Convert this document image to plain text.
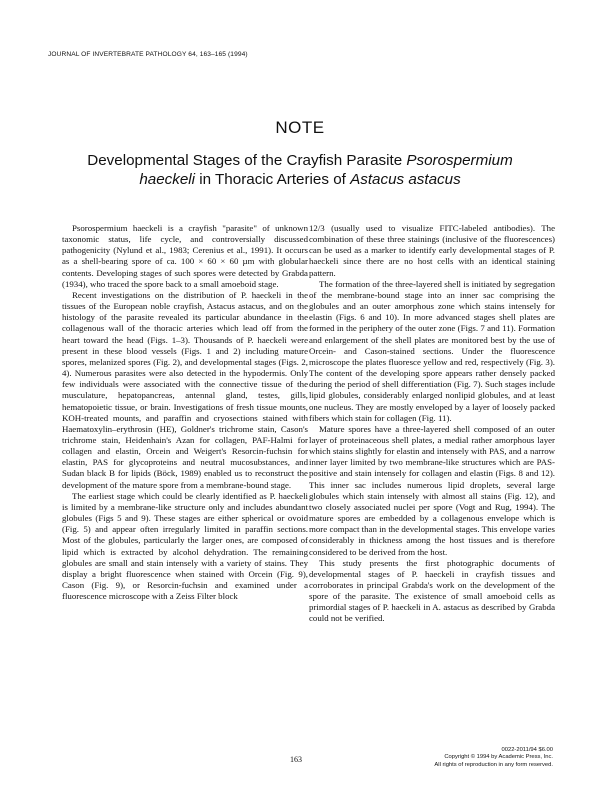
JOURNAL OF INVERTEBRATE PATHOLOGY 64, 163–165 (1994)
NOTE
Developmental Stages of the Crayfish Parasite Psorospermium haeckeli in Thoracic Arteries of Astacus astacus

Psorospermium haeckeli is a crayfish "parasite" of unknown taxonomic status, life cycle, and controversially discussed pathogenicity (Nylund et al., 1983; Cerenius et al., 1991). It occurs as a shell-bearing spore of ca. 100 × 60 × 60 µm with globular contents. Developing stages of such spores were detected by Grabda (1934), who traced the spore back to a small amoeboid stage.

Recent investigations on the distribution of P. haeckeli in the tissues of the European noble crayfish, Astacus astacus, and on the histology of the parasite revealed its particular abundance in the collagenous wall of the thoracic arteries which lead off from the heart toward the head (Figs. 1–3). Thousands of P. haeckeli were present in these blood vessels (Figs. 1 and 2) including mature spores, melanized spores (Fig. 2), and developmental stages (Figs. 2, 4). Numerous parasites were also detected in the hypodermis. Only few individuals were associated with the connective tissue of the musculature, hepatopancreas, antennal gland, testes, gills, hematopoietic tissue, or brain. Investigations of fresh tissue mounts, KOH-treated mounts, and paraffin and cryosections stained with Haematoxylin–erythrosin (HE), Goldner's trichrome stain, Cason's trichrome stain, Heidenhain's Azan for collagen, PAF-Halmi for collagen and elastin, Orcein and Weigert's Resorcin-fuchsin for elastin, PAS for glycoproteins and neutral mucosubstances, and Sudan black B for lipids (Böck, 1989) enabled us to reconstruct the development of the mature spore from a membrane-bound stage.

The earliest stage which could be clearly identified as P. haeckeli is limited by a membrane-like structure only and includes abundant globules (Figs 5 and 9). These stages are either spherical or ovoid (Fig. 5) and appear often irregularly limited in paraffin sections. Most of the globules, particularly the larger ones, are composed of lipid which is extracted by alcohol dehydration. The remaining globules are small and stain intensely with a variety of stains. They display a bright fluorescence when stained with Orcein (Fig. 9), Cason (Fig. 9), or Resorcin-fuchsin and examined under a fluorescence microscope with a Zeiss Filter block

12/3 (usually used to visualize FITC-labeled antibodies). The combination of these three stainings (inclusive of the fluorescences) can be used as a marker to identify early developmental stages of P. haeckeli since there are no host cells with an identical staining pattern.

The formation of the three-layered shell is initiated by segregation of the membrane-bound stage into an inner sac comprising the globules and an outer amorphous zone which stains intensely for elastin (Figs. 6 and 10). In more advanced stages shell plates are formed in the periphery of the outer zone (Figs. 7 and 11). Formation and enlargement of the shell plates are monitored best by the use of Orcein- and Cason-stained sections. Under the fluorescence microscope the plates fluoresce yellow and red, respectively (Fig. 3). The content of the developing spore appears rather densely packed during the period of shell differentiation (Fig. 7). Such stages include lipid globules, considerably enlarged nonlipid globules, and at least one nucleus. They are mostly enveloped by a layer of loosely packed fibers which stain for collagen (Fig. 11).

Mature spores have a three-layered shell composed of an outer layer of proteinaceous shell plates, a medial rather amorphous layer which stains slightly for elastin and intensely with PAS, and a narrow inner layer limited by two membrane-like structures which are PAS-positive and stain intensely for collagen and elastin (Figs. 8 and 12). This inner sac includes numerous lipid droplets, several large globules which stain intensely with almost all stains (Fig. 12), and two closely associated nuclei per spore (Vogt and Rug, 1994). The mature spores are embedded by a collagenous envelope which is more compact than in the developmental stages. This envelope varies considerably in thickness among the host tissues and is therefore considered to be derived from the host.

This study presents the first photographic documents of developmental stages of P. haeckeli in crayfish tissues and corroborates in principal Grabda's work on the development of the spore of the parasite. The existence of small amoeboid cells as primordial stages of P. haeckeli in A. astacus as described by Grabda could not be verified.

163
0022-2011/94 $6.00
Copyright © 1994 by Academic Press, Inc.
All rights of reproduction in any form reserved.
